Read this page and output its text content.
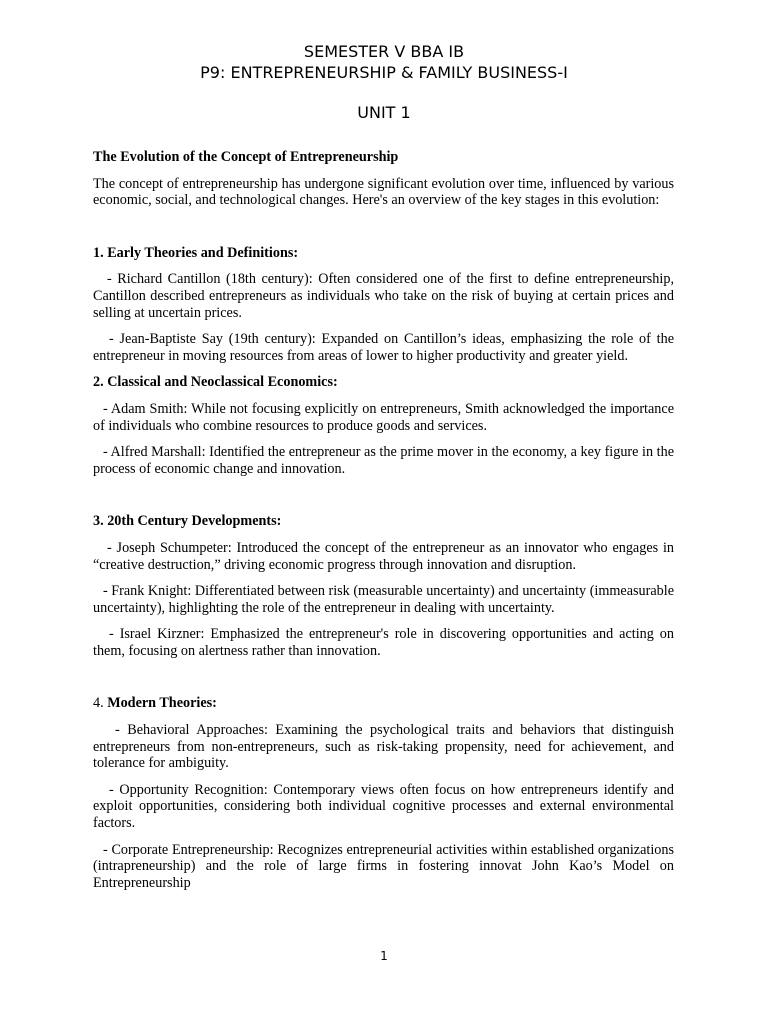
SEMESTER V BBA IB
P9: ENTREPRENEURSHIP & FAMILY BUSINESS-I
UNIT 1

The Evolution of the Concept of Entrepreneurship

The concept of entrepreneurship has undergone significant evolution over time, influenced by various economic, social, and technological changes. Here's an overview of the key stages in this evolution:

1. Early Theories and Definitions:

- Richard Cantillon (18th century): Often considered one of the first to define entrepreneurship, Cantillon described entrepreneurs as individuals who take on the risk of buying at certain prices and selling at uncertain prices.

- Jean-Baptiste Say (19th century): Expanded on Cantillon’s ideas, emphasizing the role of the entrepreneur in moving resources from areas of lower to higher productivity and greater yield.

2. Classical and Neoclassical Economics:

- Adam Smith: While not focusing explicitly on entrepreneurs, Smith acknowledged the importance of individuals who combine resources to produce goods and services.

- Alfred Marshall: Identified the entrepreneur as the prime mover in the economy, a key figure in the process of economic change and innovation.

3. 20th Century Developments:

- Joseph Schumpeter: Introduced the concept of the entrepreneur as an innovator who engages in “creative destruction,” driving economic progress through innovation and disruption.

- Frank Knight: Differentiated between risk (measurable uncertainty) and uncertainty (immeasurable uncertainty), highlighting the role of the entrepreneur in dealing with uncertainty.

- Israel Kirzner: Emphasized the entrepreneur's role in discovering opportunities and acting on them, focusing on alertness rather than innovation.

4. Modern Theories:

- Behavioral Approaches: Examining the psychological traits and behaviors that distinguish entrepreneurs from non-entrepreneurs, such as risk-taking propensity, need for achievement, and tolerance for ambiguity.

- Opportunity Recognition: Contemporary views often focus on how entrepreneurs identify and exploit opportunities, considering both individual cognitive processes and external environmental factors.

- Corporate Entrepreneurship: Recognizes entrepreneurial activities within established organizations (intrapreneurship) and the role of large firms in fostering innovat John Kao’s Model on Entrepreneurship

1
